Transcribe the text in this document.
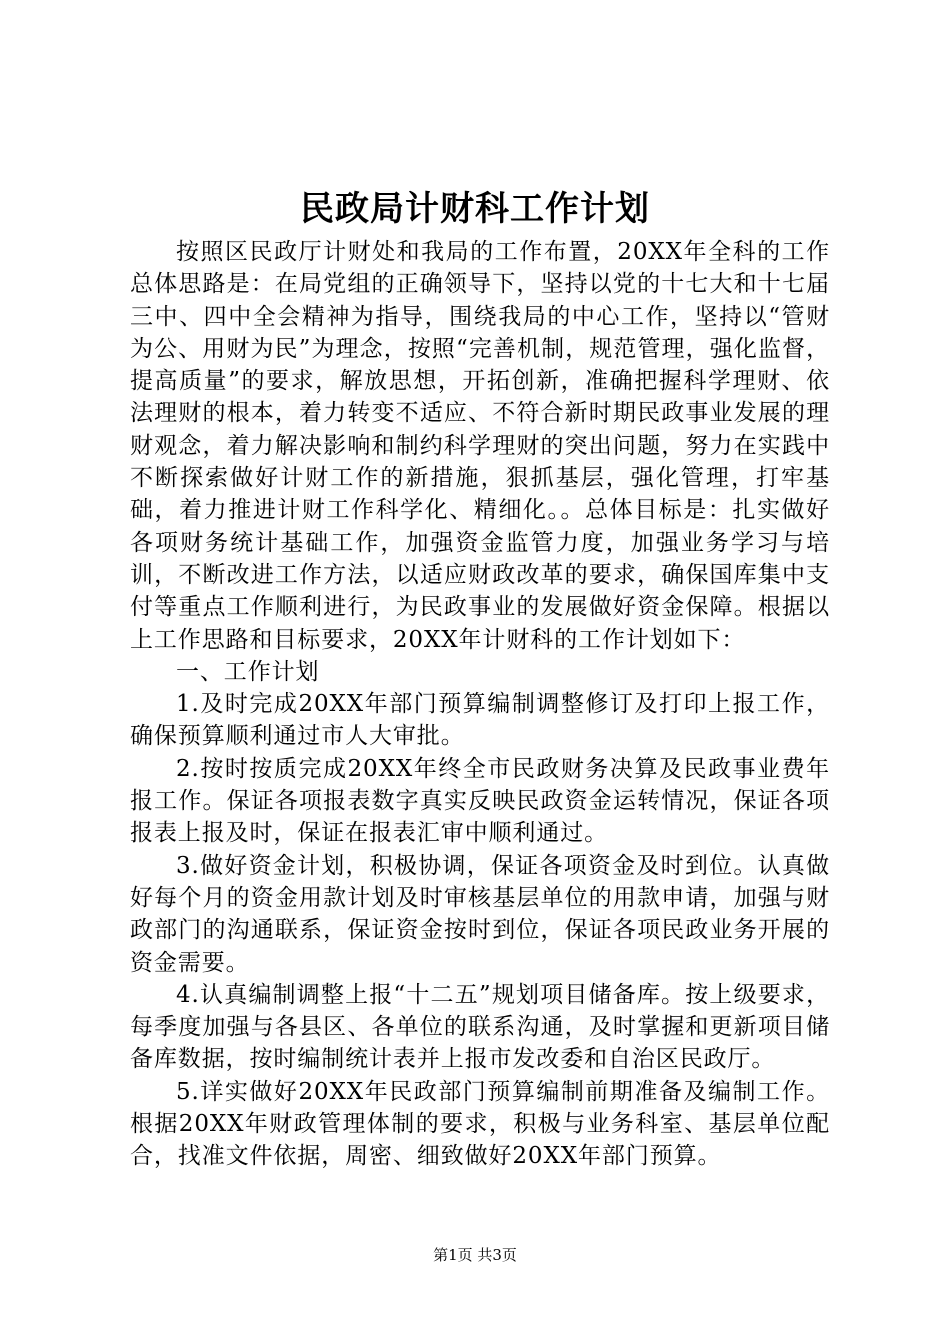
民政局计财科工作计划

按照区民政厅计财处和我局的工作布置，20XX年全科的工作总体思路是：在局党组的正确领导下，坚持以党的十七大和十七届三中、四中全会精神为指导，围绕我局的中心工作，坚持以“管财为公、用财为民”为理念，按照“完善机制，规范管理，强化监督，提高质量”的要求，解放思想，开拓创新，准确把握科学理财、依法理财的根本，着力转变不适应、不符合新时期民政事业发展的理财观念，着力解决影响和制约科学理财的突出问题，努力在实践中不断探索做好计财工作的新措施，狠抓基层，强化管理，打牢基础，着力推进计财工作科学化、精细化。。总体目标是：扎实做好各项财务统计基础工作，加强资金监管力度，加强业务学习与培训，不断改进工作方法，以适应财政改革的要求，确保国库集中支付等重点工作顺利进行，为民政事业的发展做好资金保障。根据以上工作思路和目标要求，20XX年计财科的工作计划如下：

一、工作计划

1.及时完成20XX年部门预算编制调整修订及打印上报工作，确保预算顺利通过市人大审批。

2.按时按质完成20XX年终全市民政财务决算及民政事业费年报工作。保证各项报表数字真实反映民政资金运转情况，保证各项报表上报及时，保证在报表汇审中顺利通过。

3.做好资金计划，积极协调，保证各项资金及时到位。认真做好每个月的资金用款计划及时审核基层单位的用款申请，加强与财政部门的沟通联系，保证资金按时到位，保证各项民政业务开展的资金需要。

4.认真编制调整上报“十二五”规划项目储备库。按上级要求，每季度加强与各县区、各单位的联系沟通，及时掌握和更新项目储备库数据，按时编制统计表并上报市发改委和自治区民政厅。

5.详实做好20XX年民政部门预算编制前期准备及编制工作。根据20XX年财政管理体制的要求，积极与业务科室、基层单位配合，找准文件依据，周密、细致做好20XX年部门预算。

第1页 共3页
